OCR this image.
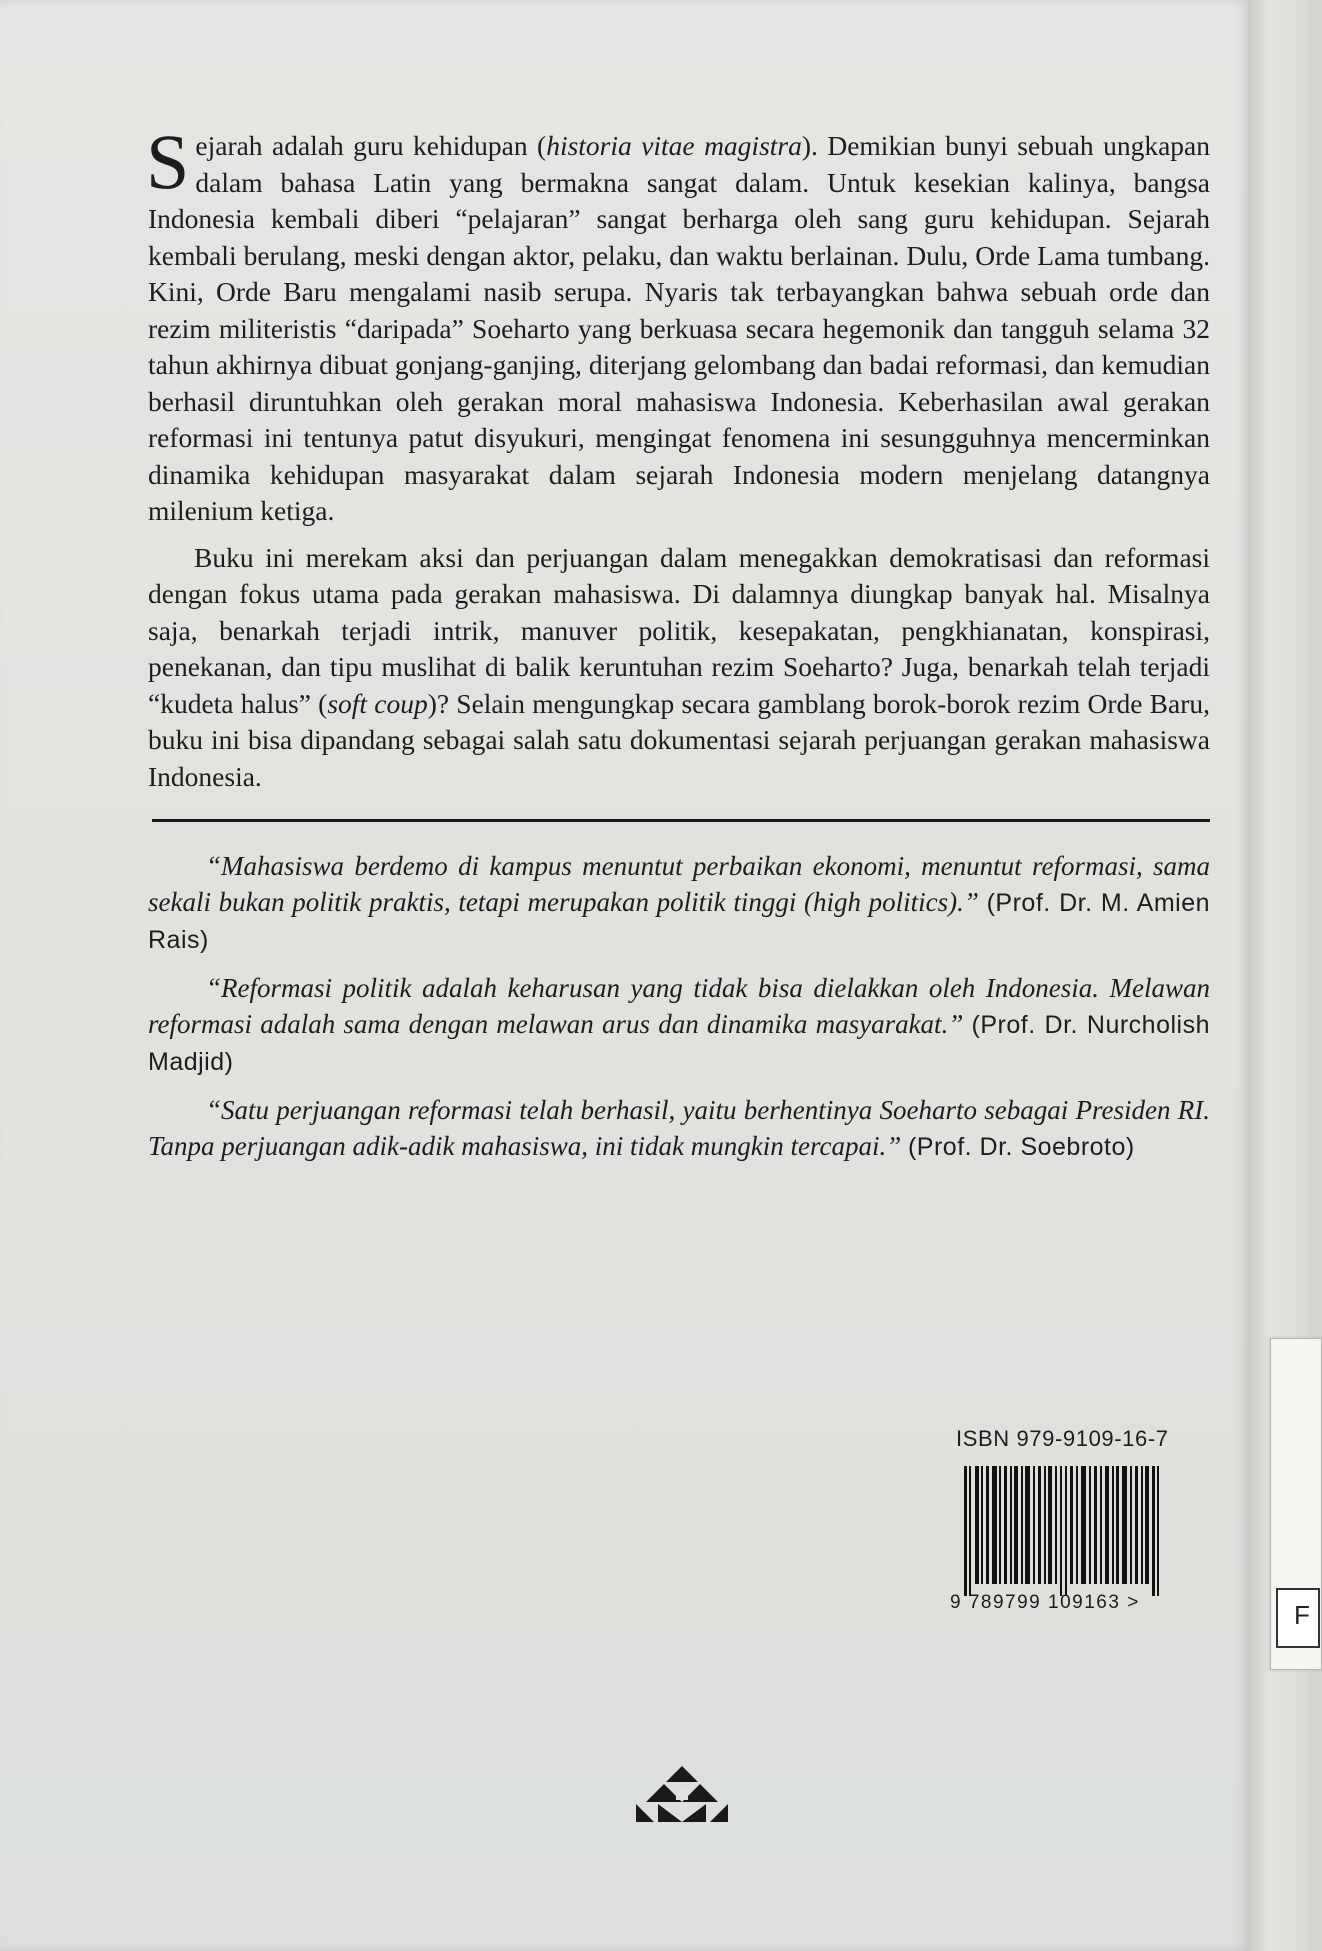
F

Sejarah adalah guru kehidupan (historia vitae magistra). Demikian bunyi sebuah ungkapan dalam bahasa Latin yang bermakna sangat dalam. Untuk kesekian kalinya, bangsa Indonesia kembali diberi “pelajaran” sangat berharga oleh sang guru kehidupan. Sejarah kembali berulang, meski dengan aktor, pelaku, dan waktu berlainan. Dulu, Orde Lama tumbang. Kini, Orde Baru mengalami nasib serupa. Nyaris tak terbayangkan bahwa sebuah orde dan rezim militeristis “daripada” Soeharto yang berkuasa secara hegemonik dan tangguh selama 32 tahun akhirnya dibuat gonjang-ganjing, diterjang gelombang dan badai reformasi, dan kemudian berhasil diruntuhkan oleh gerakan moral mahasiswa Indonesia. Keberhasilan awal gerakan reformasi ini tentunya patut disyukuri, mengingat fenomena ini sesungguhnya mencerminkan dinamika kehidupan masyarakat dalam sejarah Indonesia modern menjelang datangnya milenium ketiga.

Buku ini merekam aksi dan perjuangan dalam menegakkan demokratisasi dan reformasi dengan fokus utama pada gerakan mahasiswa. Di dalamnya diungkap banyak hal. Misalnya saja, benarkah terjadi intrik, manuver politik, kesepakatan, pengkhianatan, konspirasi, penekanan, dan tipu muslihat di balik keruntuhan rezim Soeharto? Juga, benarkah telah terjadi “kudeta halus” (soft coup)? Selain mengungkap secara gamblang borok-borok rezim Orde Baru, buku ini bisa dipandang sebagai salah satu dokumentasi sejarah perjuangan gerakan mahasiswa Indonesia.

“Mahasiswa berdemo di kampus menuntut perbaikan ekonomi, menuntut reformasi, sama sekali bukan politik praktis, tetapi merupakan politik tinggi (high politics).” (Prof. Dr. M. Amien Rais)

“Reformasi politik adalah keharusan yang tidak bisa dielakkan oleh Indonesia. Melawan reformasi adalah sama dengan melawan arus dan dinamika masyarakat.” (Prof. Dr. Nurcholish Madjid)

“Satu perjuangan reformasi telah berhasil, yaitu berhentinya Soeharto sebagai Presiden RI. Tanpa perjuangan adik-adik mahasiswa, ini tidak mungkin tercapai.” (Prof. Dr. Soebroto)

ISBN 979-9109-16-7
9 789799 109163 >
